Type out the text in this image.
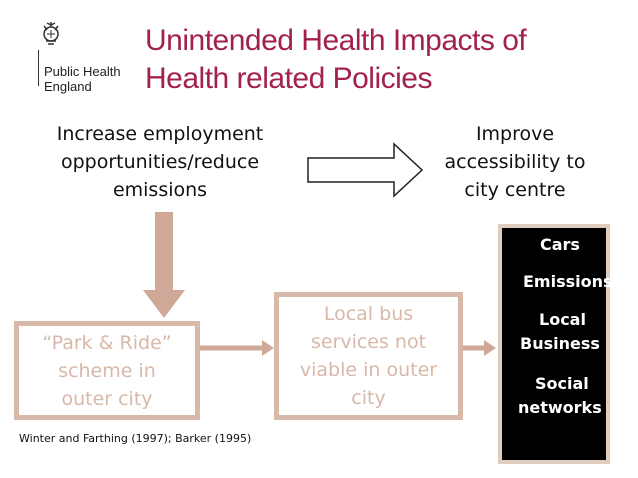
Public Health
England
Unintended Health Impacts of
Health related Policies
Increase employment
opportunities/reduce
emissions
Improve
accessibility to
city centre
“Park & Ride”
scheme in
outer city
Local bus
services not
viable in outer
city
Cars
Emissions
Local
Business
Social
networks
Winter and Farthing (1997); Barker (1995)
